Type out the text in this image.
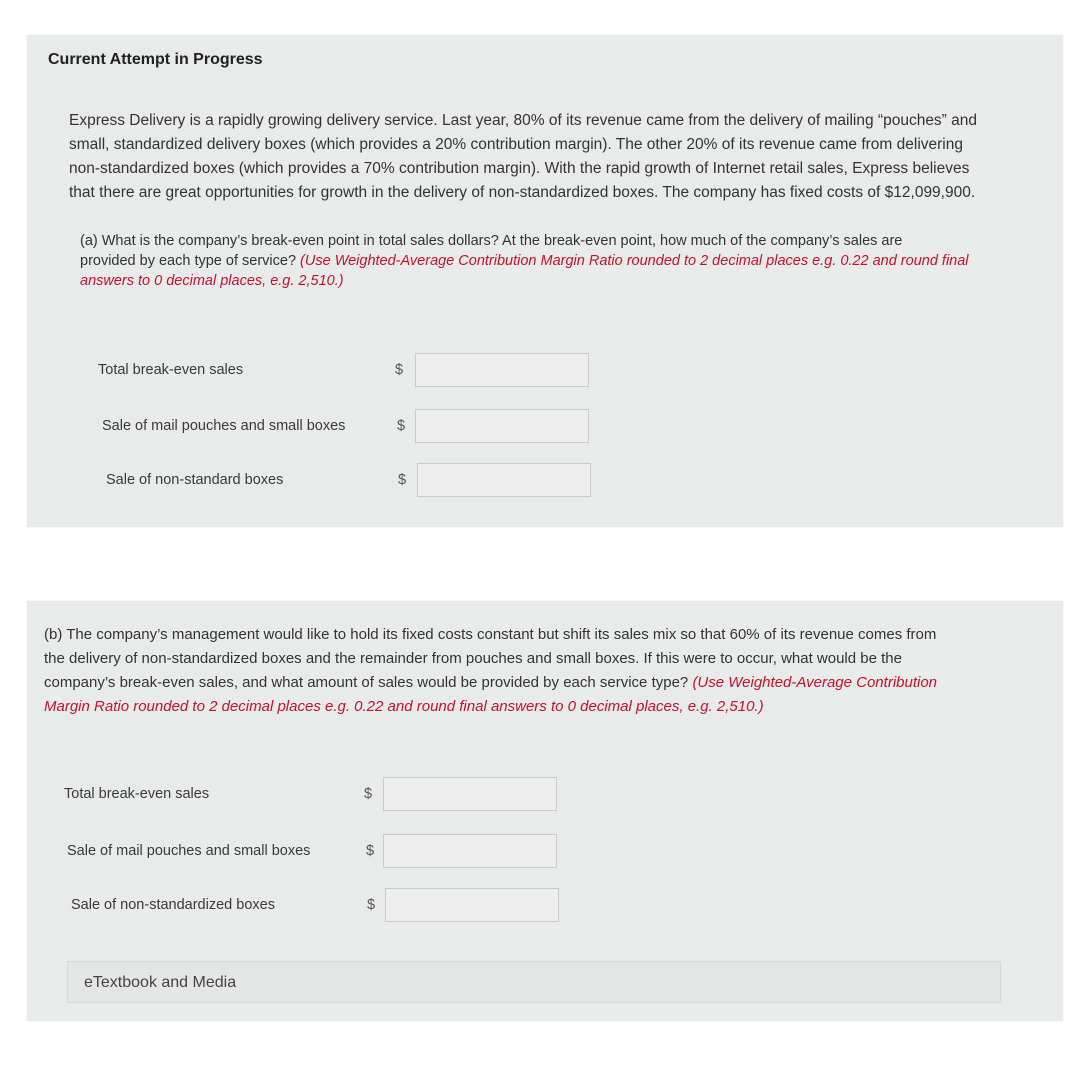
Current Attempt in Progress
Express Delivery is a rapidly growing delivery service. Last year, 80% of its revenue came from the delivery of mailing “pouches” and
small, standardized delivery boxes (which provides a 20% contribution margin). The other 20% of its revenue came from delivering
non-standardized boxes (which provides a 70% contribution margin). With the rapid growth of Internet retail sales, Express believes
that there are great opportunities for growth in the delivery of non-standardized boxes. The company has fixed costs of $12,099,900.
(a) What is the company’s break-even point in total sales dollars? At the break-even point, how much of the company’s sales are
provided by each type of service? (Use Weighted-Average Contribution Margin Ratio rounded to 2 decimal places e.g. 0.22 and round final
answers to 0 decimal places, e.g. 2,510.)
Total break-even sales	$
Sale of mail pouches and small boxes	$
Sale of non-standard boxes	$
(b) The company’s management would like to hold its fixed costs constant but shift its sales mix so that 60% of its revenue comes from
the delivery of non-standardized boxes and the remainder from pouches and small boxes. If this were to occur, what would be the
company’s break-even sales, and what amount of sales would be provided by each service type? (Use Weighted-Average Contribution
Margin Ratio rounded to 2 decimal places e.g. 0.22 and round final answers to 0 decimal places, e.g. 2,510.)
Total break-even sales	$
Sale of mail pouches and small boxes	$
Sale of non-standardized boxes	$
eTextbook and Media
